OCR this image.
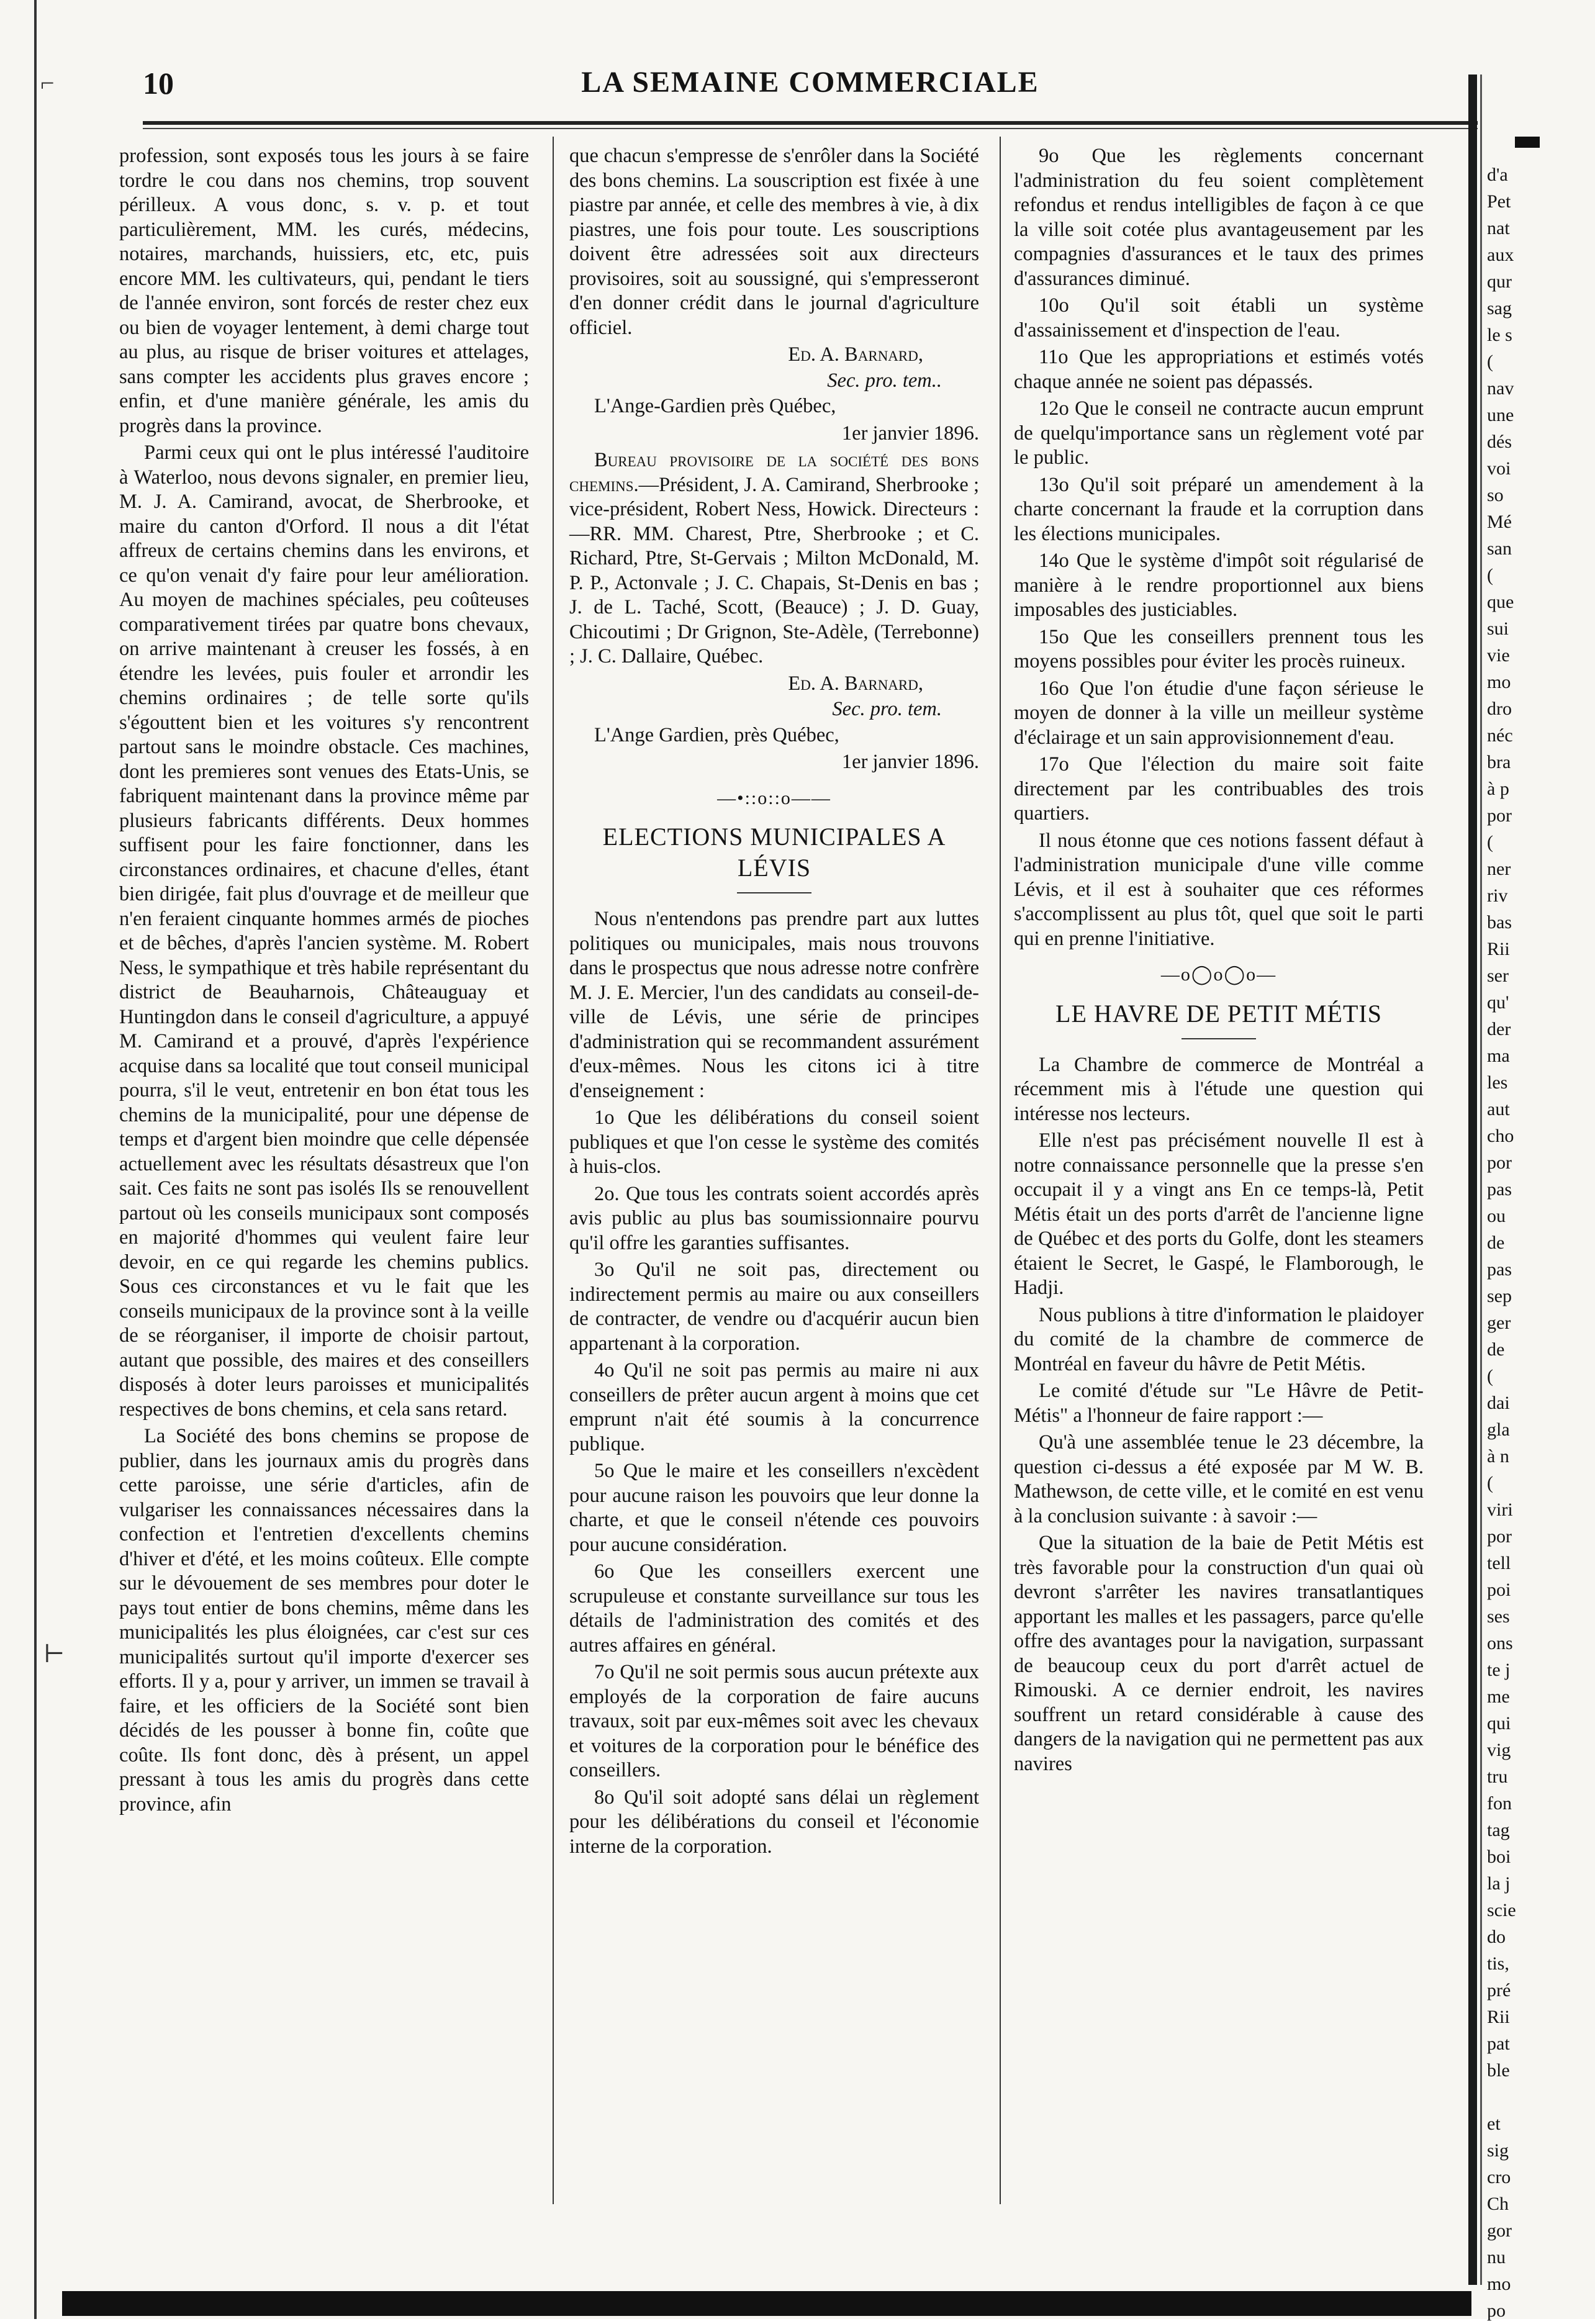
⌐
⊢
10	LA SEMAINE COMMERCIALE

profession, sont exposés tous les jours à se faire tordre le cou dans nos chemins, trop souvent périlleux. A vous donc, s. v. p. et tout particulièrement, MM. les curés, médecins, notaires, marchands, huissiers, etc, etc, puis encore MM. les cultivateurs, qui, pendant le tiers de l'année environ, sont forcés de rester chez eux ou bien de voyager lentement, à demi charge tout au plus, au risque de briser voitures et attelages, sans compter les accidents plus graves encore ; enfin, et d'une manière générale, les amis du progrès dans la province.

Parmi ceux qui ont le plus intéressé l'auditoire à Waterloo, nous devons signaler, en premier lieu, M. J. A. Camirand, avocat, de Sherbrooke, et maire du canton d'Orford. Il nous a dit l'état affreux de certains chemins dans les environs, et ce qu'on venait d'y faire pour leur amélioration. Au moyen de machines spéciales, peu coûteuses comparativement tirées par quatre bons chevaux, on arrive maintenant à creuser les fossés, à en étendre les levées, puis fouler et arrondir les chemins ordinaires ; de telle sorte qu'ils s'égouttent bien et les voitures s'y rencontrent partout sans le moindre obstacle. Ces machines, dont les premieres sont venues des Etats-Unis, se fabriquent maintenant dans la province même par plusieurs fabricants différents. Deux hommes suffisent pour les faire fonctionner, dans les circonstances ordinaires, et chacune d'elles, étant bien dirigée, fait plus d'ouvrage et de meilleur que n'en feraient cinquante hommes armés de pioches et de bêches, d'après l'ancien système. M. Robert Ness, le sympathique et très habile représentant du district de Beauharnois, Châteauguay et Huntingdon dans le conseil d'agriculture, a appuyé M. Camirand et a prouvé, d'après l'expérience acquise dans sa localité que tout conseil municipal pourra, s'il le veut, entretenir en bon état tous les chemins de la municipalité, pour une dépense de temps et d'argent bien moindre que celle dépensée actuellement avec les résultats désastreux que l'on sait. Ces faits ne sont pas isolés Ils se renouvellent partout où les conseils municipaux sont composés en majorité d'hommes qui veulent faire leur devoir, en ce qui regarde les chemins publics. Sous ces circonstances et vu le fait que les conseils municipaux de la province sont à la veille de se réorganiser, il importe de choisir partout, autant que possible, des maires et des conseillers disposés à doter leurs paroisses et municipalités respectives de bons chemins, et cela sans retard.

La Société des bons chemins se propose de publier, dans les journaux amis du progrès dans cette paroisse, une série d'articles, afin de vulgariser les connaissances nécessaires dans la confection et l'entretien d'excellents chemins d'hiver et d'été, et les moins coûteux. Elle compte sur le dévouement de ses membres pour doter le pays tout entier de bons chemins, même dans les municipalités les plus éloignées, car c'est sur ces municipalités surtout qu'il importe d'exercer ses efforts. Il y a, pour y arriver, un immen se travail à faire, et les officiers de la Société sont bien décidés de les pousser à bonne fin, coûte que coûte. Ils font donc, dès à présent, un appel pressant à tous les amis du progrès dans cette province, afin

que chacun s'empresse de s'enrôler dans la Société des bons chemins. La souscription est fixée à une piastre par année, et celle des membres à vie, à dix piastres, une fois pour toute. Les souscriptions doivent être adressées soit aux directeurs provisoires, soit au soussigné, qui s'empresseront d'en donner crédit dans le journal d'agriculture officiel.

Ed. A. Barnard,
Sec. pro. tem..

L'Ange-Gardien près Québec,

1er janvier 1896.

Bureau provisoire de la société des bons chemins.—Président, J. A. Camirand, Sherbrooke ; vice-président, Robert Ness, Howick. Directeurs :—RR. MM. Charest, Ptre, Sherbrooke ; et C. Richard, Ptre, St-Gervais ; Milton McDonald, M. P. P., Actonvale ; J. C. Chapais, St-Denis en bas ; J. de L. Taché, Scott, (Beauce) ; J. D. Guay, Chicoutimi ; Dr Grignon, Ste-Adèle, (Terrebonne) ; J. C. Dallaire, Québec.

Ed. A. Barnard,
Sec. pro. tem.

L'Ange Gardien, près Québec,

1er janvier 1896.

—•::o::o——
ELECTIONS MUNICIPALES A LÉVIS

Nous n'entendons pas prendre part aux luttes politiques ou municipales, mais nous trouvons dans le prospectus que nous adresse notre confrère M. J. E. Mercier, l'un des candidats au conseil-de-ville de Lévis, une série de principes d'administration qui se recommandent assurément d'eux-mêmes. Nous les citons ici à titre d'enseignement :

1o Que les délibérations du conseil soient publiques et que l'on cesse le système des comités à huis-clos.

2o. Que tous les contrats soient accordés après avis public au plus bas soumissionnaire pourvu qu'il offre les garanties suffisantes.

3o Qu'il ne soit pas, directement ou indirectement permis au maire ou aux conseillers de contracter, de vendre ou d'acquérir aucun bien appartenant à la corporation.

4o Qu'il ne soit pas permis au maire ni aux conseillers de prêter aucun argent à moins que cet emprunt n'ait été soumis à la concurrence publique.

5o Que le maire et les conseillers n'excèdent pour aucune raison les pouvoirs que leur donne la charte, et que le conseil n'étende ces pouvoirs pour aucune considération.

6o Que les conseillers exercent une scrupuleuse et constante surveillance sur tous les détails de l'administration des comités et des autres affaires en général.

7o Qu'il ne soit permis sous aucun prétexte aux employés de la corporation de faire aucuns travaux, soit par eux-mêmes soit avec les chevaux et voitures de la corporation pour le bénéfice des conseillers.

8o Qu'il soit adopté sans délai un règlement pour les délibérations du conseil et l'économie interne de la corporation.

9o Que les règlements concernant l'administration du feu soient complètement refondus et rendus intelligibles de façon à ce que la ville soit cotée plus avantageusement par les compagnies d'assurances et le taux des primes d'assurances diminué.

10o Qu'il soit établi un système d'assainissement et d'inspection de l'eau.

11o Que les appropriations et estimés votés chaque année ne soient pas dépassés.

12o Que le conseil ne contracte aucun emprunt de quelqu'importance sans un règlement voté par le public.

13o Qu'il soit préparé un amendement à la charte concernant la fraude et la corruption dans les élections municipales.

14o Que le système d'impôt soit régularisé de manière à le rendre proportionnel aux biens imposables des justiciables.

15o Que les conseillers prennent tous les moyens possibles pour éviter les procès ruineux.

16o Que l'on étudie d'une façon sérieuse le moyen de donner à la ville un meilleur système d'éclairage et un sain approvisionnement d'eau.

17o Que l'élection du maire soit faite directement par les contribuables des trois quartiers.

Il nous étonne que ces notions fassent défaut à l'administration municipale d'une ville comme Lévis, et il est à souhaiter que ces réformes s'accomplissent au plus tôt, quel que soit le parti qui en prenne l'initiative.

—o◯o◯o—
LE HAVRE DE PETIT MÉTIS

La Chambre de commerce de Montréal a récemment mis à l'étude une question qui intéresse nos lecteurs.

Elle n'est pas précisément nouvelle Il est à notre connaissance personnelle que la presse s'en occupait il y a vingt ans En ce temps-là, Petit Métis était un des ports d'arrêt de l'ancienne ligne de Québec et des ports du Golfe, dont les steamers étaient le Secret, le Gaspé, le Flamborough, le Hadji.

Nous publions à titre d'information le plaidoyer du comité de la chambre de commerce de Montréal en faveur du hâvre de Petit Métis.

Le comité d'étude sur "Le Hâvre de Petit-Métis" a l'honneur de faire rapport :—

Qu'à une assemblée tenue le 23 décembre, la question ci-dessus a été exposée par M W. B. Mathewson, de cette ville, et le comité en est venu à la conclusion suivante : à savoir :—

Que la situation de la baie de Petit Métis est très favorable pour la construction d'un quai où devront s'arrêter les navires transatlantiques apportant les malles et les passagers, parce qu'elle offre des avantages pour la navigation, surpassant de beaucoup ceux du port d'arrêt actuel de Rimouski. A ce dernier endroit, les navires souffrent un retard considérable à cause des dangers de la navigation qui ne permettent pas aux navires

d'a
Pet
nat
aux
qur
sag
le s
(
nav
une
dés
voi
so
Mé
san
(
que
sui
vie
mo
dro
néc
bra
à p
por
(
ner
riv
bas
Rii
ser
qu'
der
ma
les
aut
cho
por
pas
ou
de
pas
sep
ger
de
(
dai
gla
à n
(
viri
por
tell
poi
ses
ons
te j
me
qui
vig
tru
fon
tag
boi
la j
scie
do
tis,
pré
Rii
pat
ble
et
sig
cro
Ch
gor
nu
mo
po
